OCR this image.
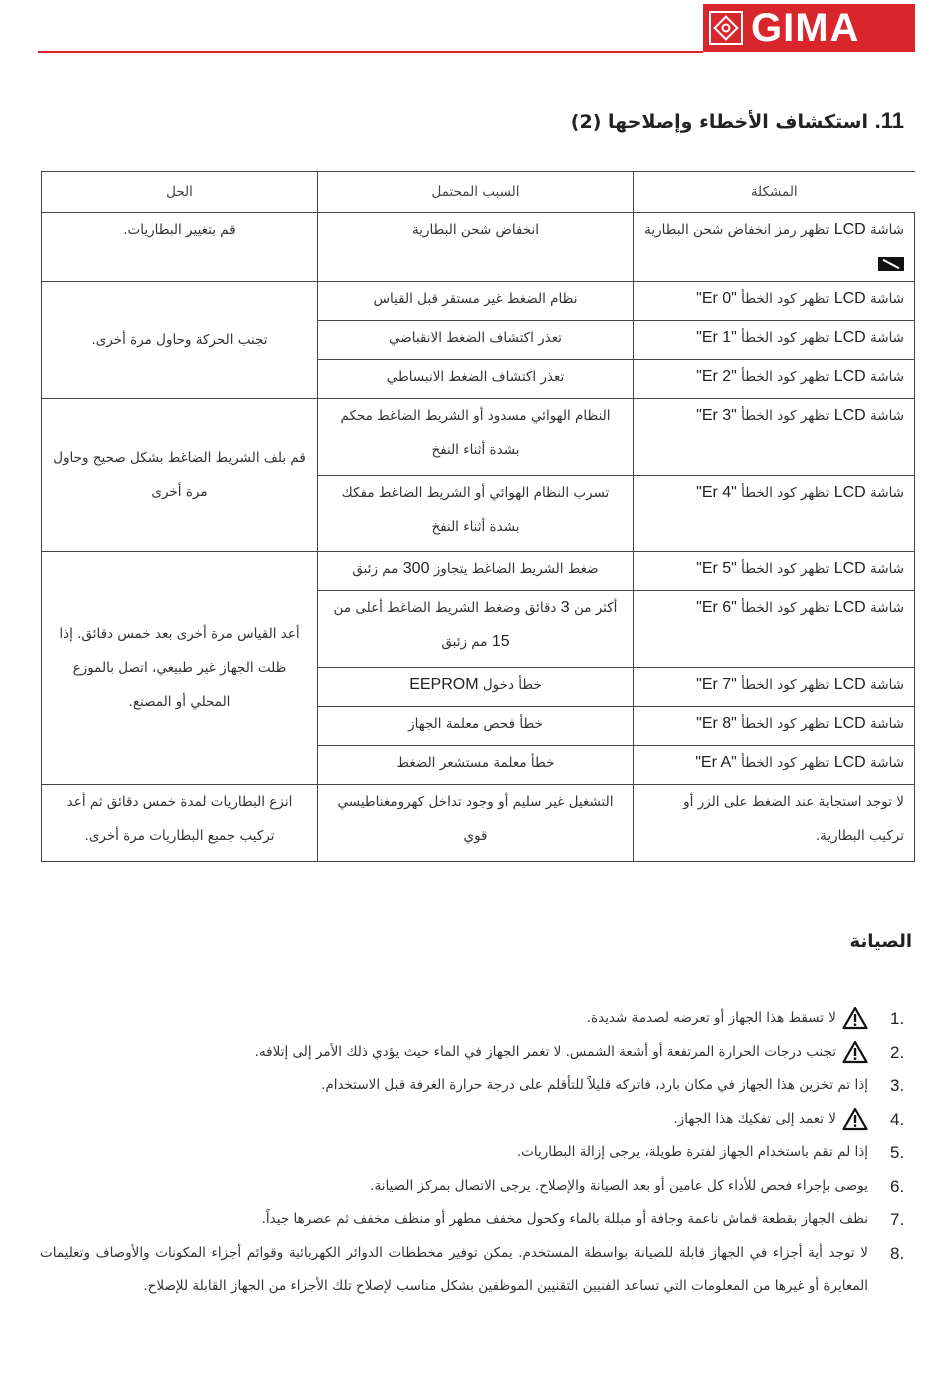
GIMA
11. استكشاف الأخطاء وإصلاحها (2)
المشكلة	السبب المحتمل	الحل
شاشة LCD تظهر رمز انخفاض شحن البطارية	انخفاض شحن البطارية	قم بتغيير البطاريات.
شاشة LCD تظهر كود الخطأ "Er 0"	نظام الضغط غير مستقر قبل القياس	تجنب الحركة وحاول مرة أخرى.
شاشة LCD تظهر كود الخطأ "Er 1"	تعذر اكتشاف الضغط الانقباضي	
شاشة LCD تظهر كود الخطأ "Er 2"	تعذر اكتشاف الضغط الانبساطي	
شاشة LCD تظهر كود الخطأ "Er 3"	النظام الهوائي مسدود أو الشريط الضاغط محكم بشدة أثناء النفخ	قم بلف الشريط الضاغط بشكل صحيح وحاول مرة أخرى
شاشة LCD تظهر كود الخطأ "Er 4"	تسرب النظام الهوائي أو الشريط الضاغط مفكك بشدة أثناء النفخ	
شاشة LCD تظهر كود الخطأ "Er 5"	ضغط الشريط الضاغط يتجاوز 300 مم زئبق	أعد القياس مرة أخرى بعد خمس دقائق. إذا ظلت الجهاز غير طبيعي، اتصل بالموزع المحلي أو المصنع.
شاشة LCD تظهر كود الخطأ "Er 6"	أكثر من 3 دقائق وضغط الشريط الضاغط أعلى من 15 مم زئبق	
شاشة LCD تظهر كود الخطأ "Er 7"	خطأ دخول EEPROM	
شاشة LCD تظهر كود الخطأ "Er 8"	خطأ فحص معلمة الجهاز	
شاشة LCD تظهر كود الخطأ "Er A"	خطأ معلمة مستشعر الضغط	
لا توجد استجابة عند الضغط على الزر أو تركيب البطارية.	التشغيل غير سليم أو وجود تداخل كهرومغناطيسي قوي	انزع البطاريات لمدة خمس دقائق ثم أعد تركيب جميع البطاريات مرة أخرى.
الصيانة
1.
لا تسقط هذا الجهاز أو تعرضه لصدمة شديدة.
2.
تجنب درجات الحرارة المرتفعة أو أشعة الشمس. لا تغمر الجهاز في الماء حيث يؤدي ذلك الأمر إلى إتلافه.
3.
إذا تم تخزين هذا الجهاز في مكان بارد، فاتركه قليلاً للتأقلم على درجة حرارة الغرفة قبل الاستخدام.
4.
لا تعمد إلى تفكيك هذا الجهاز.
5.
إذا لم تقم باستخدام الجهاز لفترة طويلة، يرجى إزالة البطاريات.
6.
يوصى بإجراء فحص للأداء كل عامين أو بعد الصيانة والإصلاح. يرجى الاتصال بمركز الصيانة.
7.
نظف الجهاز بقطعة قماش ناعمة وجافة أو مبللة بالماء وكحول مخفف مطهر أو منظف مخفف ثم عصرها جيداً.
8.
لا توجد أية أجزاء في الجهاز قابلة للصيانة بواسطة المستخدم. يمكن توفير مخططات الدوائر الكهربائية وقوائم أجزاء المكونات والأوصاف وتعليمات المعايرة أو غيرها من المعلومات التي تساعد الفنيين التقنيين الموظفين بشكل مناسب لإصلاح تلك الأجزاء من الجهاز القابلة للإصلاح.
